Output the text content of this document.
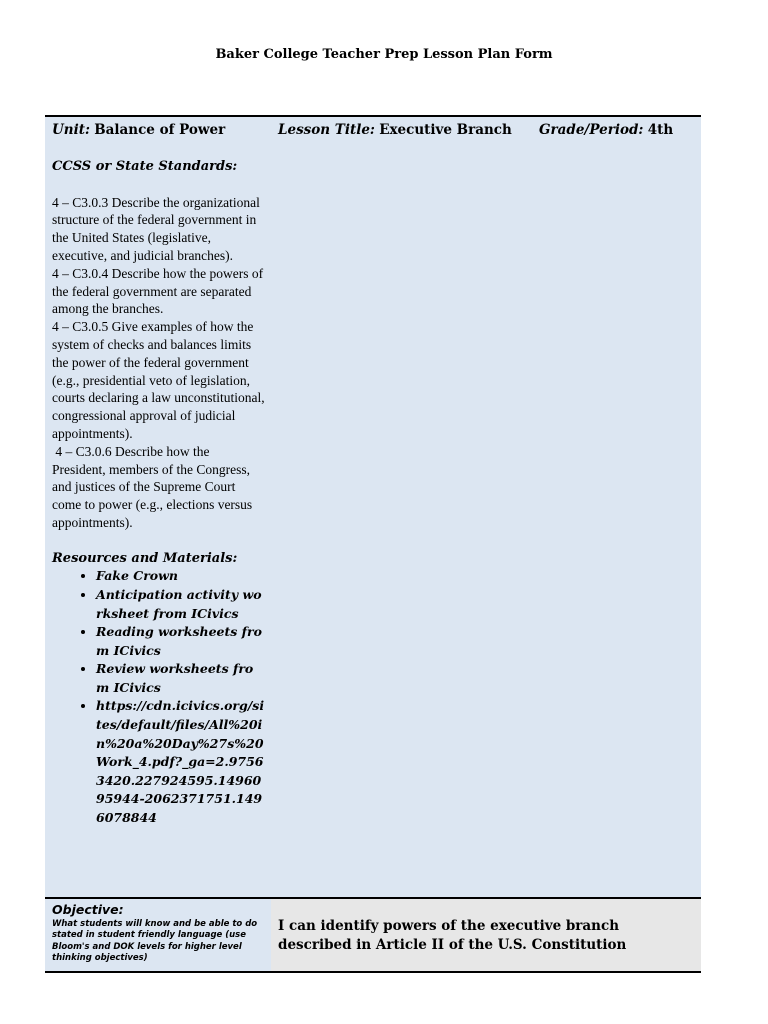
Baker College Teacher Prep Lesson Plan Form
Unit: Balance of Power	Lesson Title: Executive Branch Grade/Period: 4th

CCSS or State Standards:

4 – C3.0.3 Describe the organizational structure of the federal government in the United States (legislative, executive, and judicial branches).

4 – C3.0.4 Describe how the powers of the federal government are separated among the branches.

4 – C3.0.5 Give examples of how the system of checks and balances limits the power of the federal government (e.g., presidential veto of legislation, courts declaring a law unconstitutional, congressional approval of judicial appointments).

4 – C3.0.6 Describe how the President, members of the Congress, and justices of the Supreme Court come to power (e.g., elections versus appointments).

Resources and Materials:

• Fake Crown
• Anticipation activity worksheet from ICivics
• Reading worksheets from ICivics
• Review worksheets from ICivics
• https://cdn.icivics.org/sites/default/files/All%20in%20a%20Day%27s%20Work_4.pdf?_ga=2.97563420.227924595.1496095944-2062371751.1496078844
Objective:
What students will know and be able to do stated in student friendly language (use Bloom's and DOK levels for higher level thinking objectives)
I can identify powers of the executive branch described in Article II of the U.S. Constitution
